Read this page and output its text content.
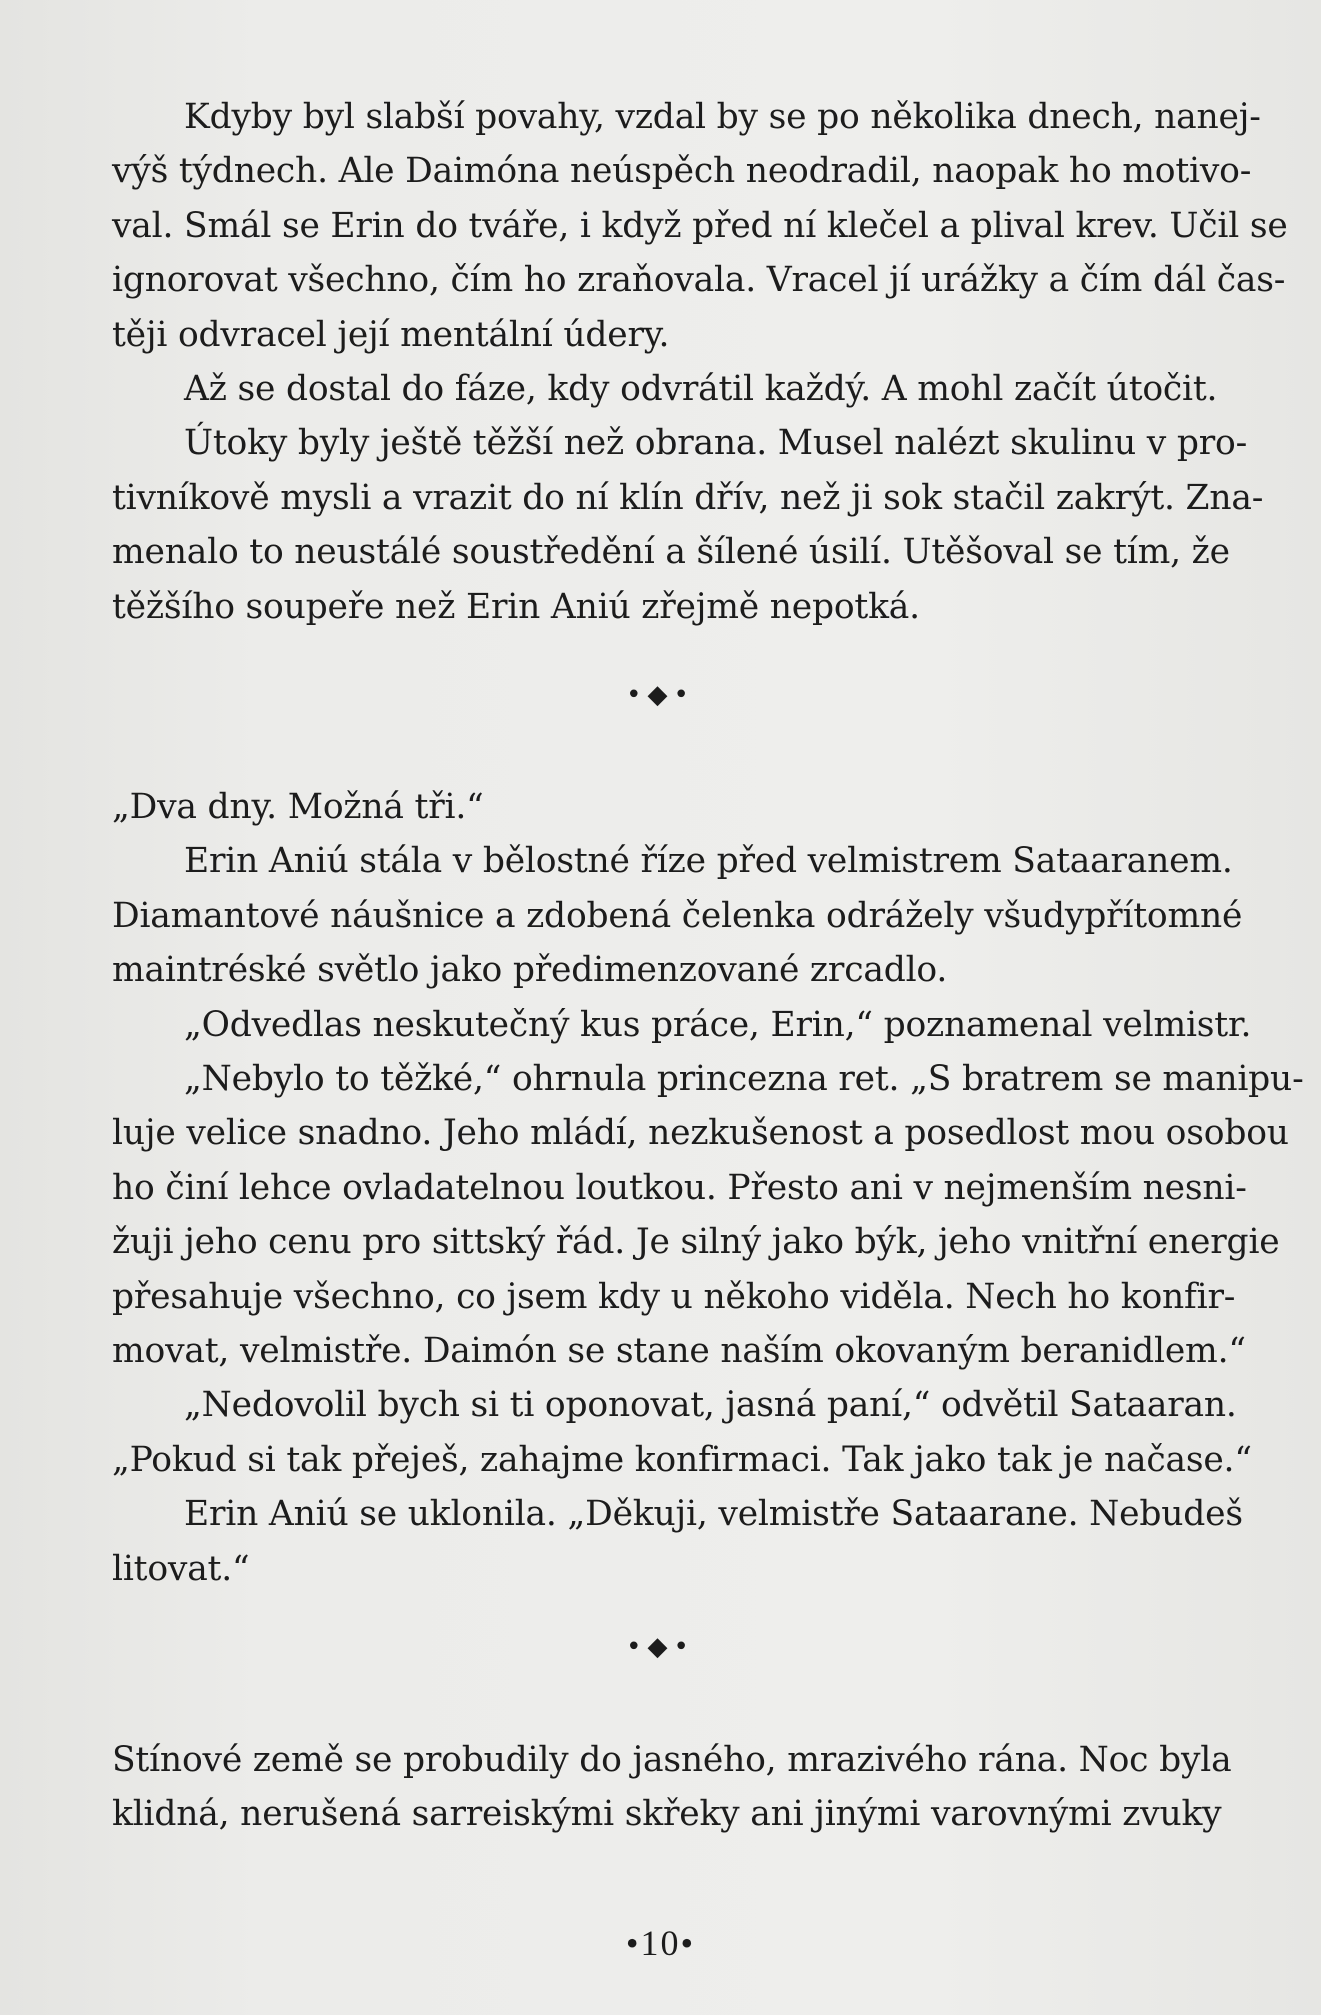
Kdyby byl slabší povahy, vzdal by se po několika dnech, nanej-
výš týdnech. Ale Daimóna neúspěch neodradil, naopak ho motivo-
val. Smál se Erin do tváře, i když před ní klečel a plival krev. Učil se
ignorovat všechno, čím ho zraňovala. Vracel jí urážky a čím dál čas-
těji odvracel její mentální údery.
Až se dostal do fáze, kdy odvrátil každý. A mohl začít útočit.
Útoky byly ještě těžší než obrana. Musel nalézt skulinu v pro-
tivníkově mysli a vrazit do ní klín dřív, než ji sok stačil zakrýt. Zna-
menalo to neustálé soustředění a šílené úsilí. Utěšoval se tím, že
těžšího soupeře než Erin Aniú zřejmě nepotká.
•◆•
„Dva dny. Možná tři.“
Erin Aniú stála v bělostné říze před velmistrem Sataaranem.
Diamantové náušnice a zdobená čelenka odrážely všudypřítomné
maintréské světlo jako předimenzované zrcadlo.
„Odvedlas neskutečný kus práce, Erin,“ poznamenal velmistr.
„Nebylo to těžké,“ ohrnula princezna ret. „S bratrem se manipu-
luje velice snadno. Jeho mládí, nezkušenost a posedlost mou osobou
ho činí lehce ovladatelnou loutkou. Přesto ani v nejmenším nesni-
žuji jeho cenu pro sittský řád. Je silný jako býk, jeho vnitřní energie
přesahuje všechno, co jsem kdy u někoho viděla. Nech ho konfir-
movat, velmistře. Daimón se stane naším okovaným beranidlem.“
„Nedovolil bych si ti oponovat, jasná paní,“ odvětil Sataaran.
„Pokud si tak přeješ, zahajme konfirmaci. Tak jako tak je načase.“
Erin Aniú se uklonila. „Děkuji, velmistře Sataarane. Nebudeš
litovat.“
•◆•
Stínové země se probudily do jasného, mrazivého rána. Noc byla
klidná, nerušená sarreiskými skřeky ani jinými varovnými zvuky
•10•
